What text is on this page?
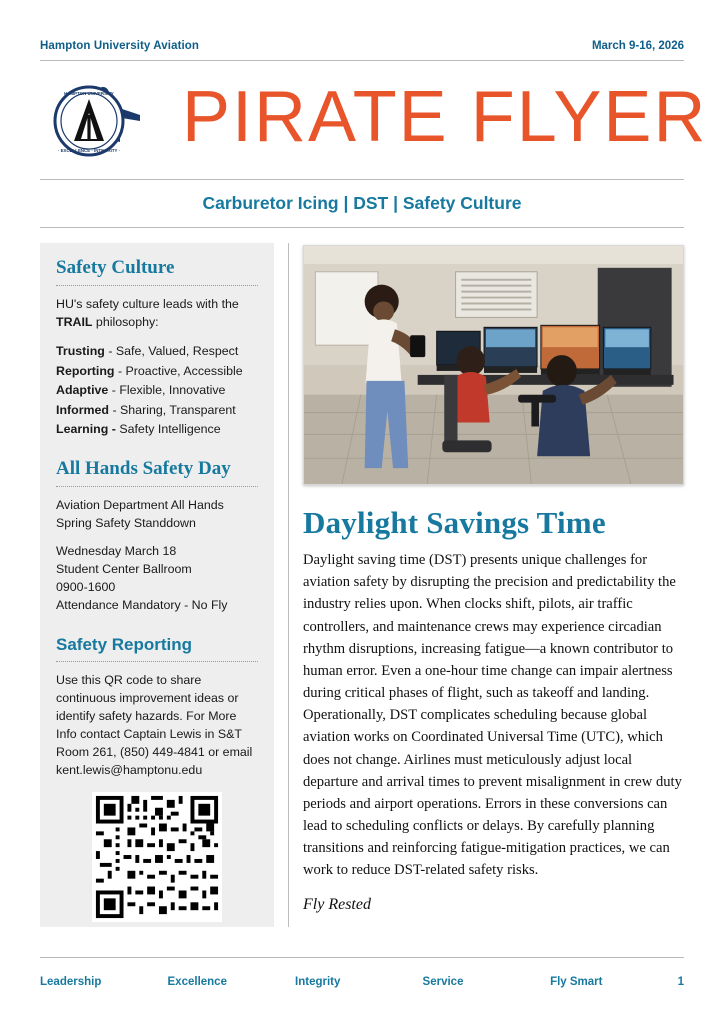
Hampton University Aviation	March 9-16, 2026
HAMPTON UNIVERSITY
· EXCELLENCE · INTEGRITY · PIRATE FLYER
Carburetor Icing | DST | Safety Culture
Safety Culture
HU's safety culture leads with the TRAIL philosophy:
Trusting - Safe, Valued, Respect
Reporting - Proactive, Accessible
Adaptive - Flexible, Innovative
Informed - Sharing, Transparent
Learning - Safety Intelligence
All Hands Safety Day
Aviation Department All Hands
Spring Safety Standdown
Wednesday March 18
Student Center Ballroom
0900-1600
Attendance Mandatory - No Fly
Safety Reporting
Use this QR code to share continuous improvement ideas or identify safety hazards. For More Info contact Captain Lewis in S&T Room 261, (850) 449-4841 or email kent.lewis@hamptonu.edu
Daylight Savings Time
Daylight saving time (DST) presents unique challenges for aviation safety by disrupting the precision and predictability the industry relies upon. When clocks shift, pilots, air traffic controllers, and maintenance crews may experience circadian rhythm disruptions, increasing fatigue—a known contributor to human error. Even a one-hour time change can impair alertness during critical phases of flight, such as takeoff and landing. Operationally, DST complicates scheduling because global aviation works on Coordinated Universal Time (UTC), which does not change. Airlines must meticulously adjust local departure and arrival times to prevent misalignment in crew duty periods and airport operations. Errors in these conversions can lead to scheduling conflicts or delays. By carefully planning transitions and reinforcing fatigue-mitigation practices, we can work to reduce DST-related safety risks.
Fly Rested
Leadership	Excellence	Integrity	Service	Fly Smart	1
